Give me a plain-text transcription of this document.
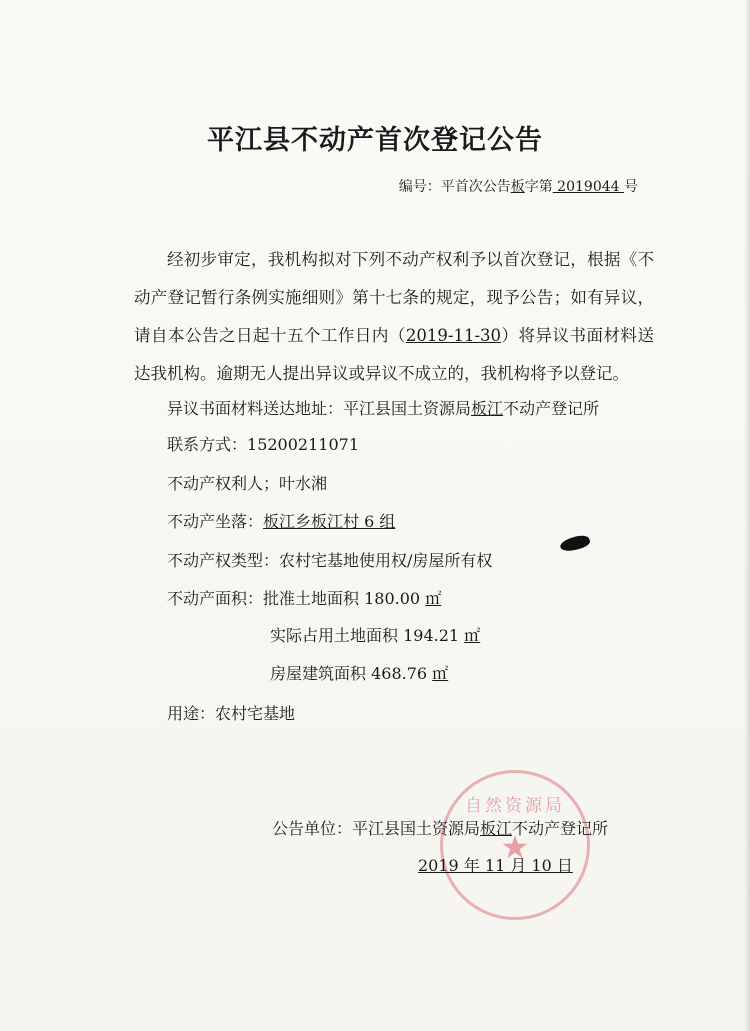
平江县不动产首次登记公告
编号：平首次公告板字第 2019044 号
经初步审定，我机构拟对下列不动产权利予以首次登记，根据《不动产登记暂行条例实施细则》第十七条的规定，现予公告；如有异议，请自本公告之日起十五个工作日内（2019-11-30）将异议书面材料送达我机构。逾期无人提出异议或异议不成立的，我机构将予以登记。
异议书面材料送达地址：平江县国土资源局板江不动产登记所
联系方式：15200211071
不动产权利人；叶水湘
不动产坐落：板江乡板江村 6 组
不动产权类型：农村宅基地使用权/房屋所有权
不动产面积：批准土地面积 180.00 ㎡
实际占用土地面积 194.21 ㎡
房屋建筑面积 468.76 ㎡
用途：农村宅基地
自然资源局
★
公告单位：平江县国土资源局板江不动产登记所
2019 年 11 月 10 日
